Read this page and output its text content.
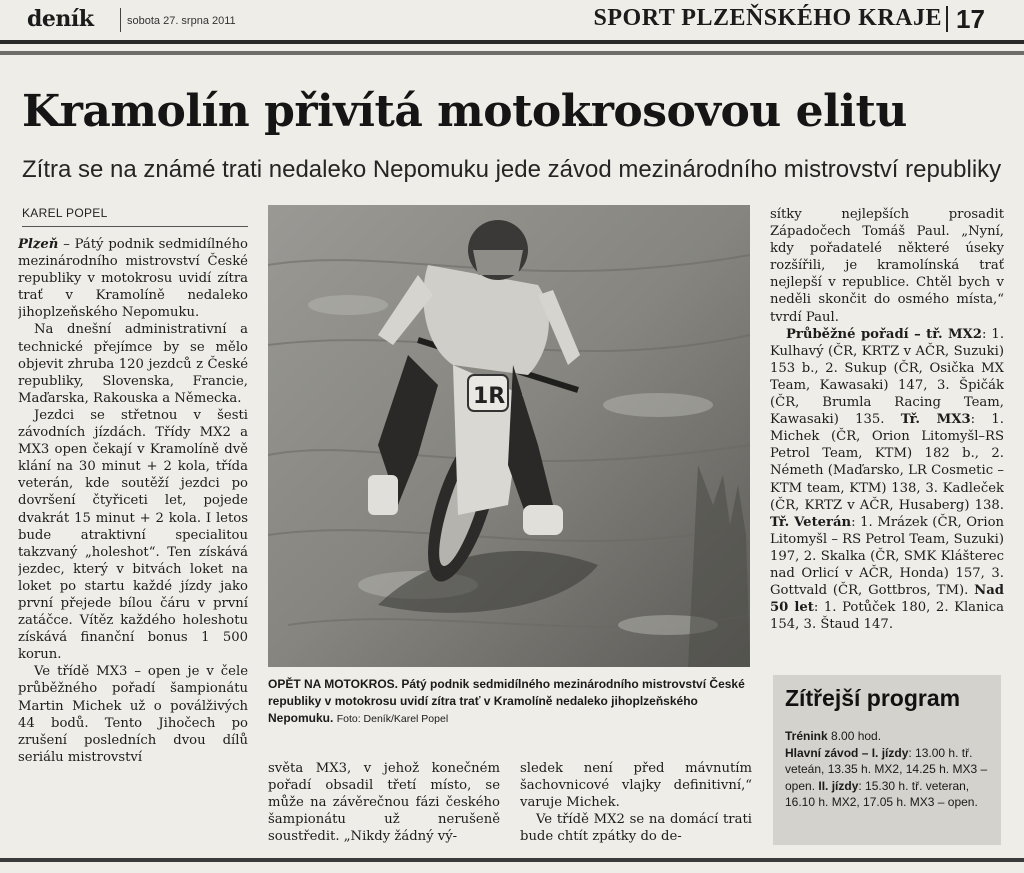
deník	sobota 27. srpna 2011	SPORT PLZEŇSKÉHO KRAJE 17
Kramolín přivítá motokrosovou elitu
Zítra se na známé trati nedaleko Nepomuku jede závod mezinárodního mistrovství republiky
KAREL POPEL

Plzeň – Pátý podnik sedmidílného mezinárodního mistrovství České republiky v motokrosu uvidí zítra trať v Kramolíně nedaleko jihoplzeňského Nepomuku.

Na dnešní administrativní a technické přejímce by se mělo objevit zhruba 120 jezdců z České republiky, Slovenska, Francie, Maďarska, Rakouska a Německa.

Jezdci se střetnou v šesti závodních jízdách. Třídy MX2 a MX3 open čekají v Kramolíně dvě klání na 30 minut + 2 kola, třída veterán, kde soutěží jezdci po dovršení čtyřiceti let, pojede dvakrát 15 minut + 2 kola. I letos bude atraktivní specialitou takzvaný „holeshot“. Ten získává jezdec, který v bitvách loket na loket po startu každé jízdy jako první přejede bílou čáru v první zatáčce. Vítěz každého holeshotu získává finanční bonus 1 500 korun.

Ve třídě MX3 – open je v čele průběžného pořadí šampionátu Martin Michek už o poválživých 44 bodů. Tento Jihočech po zrušení posledních dvou dílů seriálu mistrovství

1R
OPĚT NA MOTOKROS. Pátý podnik sedmidílného mezinárodního mistrovství České republiky v motokrosu uvidí zítra trať v Kramolíně nedaleko jihoplzeňského Nepomuku. Foto: Deník/Karel Popel

světa MX3, v jehož konečném pořadí obsadil třetí místo, se může na závěrečnou fázi českého šampionátu už nerušeně soustředit. „Nikdy žádný vý-

sledek není před mávnutím šachovnicové vlajky definitivní,“ varuje Michek.

Ve třídě MX2 se na domácí trati bude chtít zpátky do de-

sítky nejlepších prosadit Západočech Tomáš Paul. „Nyní, kdy pořadatelé některé úseky rozšířili, je kramolínská trať nejlepší v republice. Chtěl bych v neděli skončit do osmého místa,“ tvrdí Paul.

Průběžné pořadí – tř. MX2: 1. Kulhavý (ČR, KRTZ v AČR, Suzuki) 153 b., 2. Sukup (ČR, Osička MX Team, Kawasaki) 147, 3. Špičák (ČR, Brumla Racing Team, Kawasaki) 135. Tř. MX3: 1. Michek (ČR, Orion Litomyšl–RS Petrol Team, KTM) 182 b., 2. Németh (Maďarsko, LR Cosmetic – KTM team, KTM) 138, 3. Kadleček (ČR, KRTZ v AČR, Husaberg) 138. Tř. Veterán: 1. Mrázek (ČR, Orion Litomyšl – RS Petrol Team, Suzuki) 197, 2. Skalka (ČR, SMK Klášterec nad Orlicí v AČR, Honda) 157, 3. Gottvald (ČR, Gottbros, TM). Nad 50 let: 1. Potůček 180, 2. Klanica 154, 3. Štaud 147.

Zítřejší program
Trénink 8.00 hod.
Hlavní závod – I. jízdy: 13.00 h. tř. veteán, 13.35 h. MX2, 14.25 h. MX3 – open. II. jízdy: 15.30 h. tř. veteran, 16.10 h. MX2, 17.05 h. MX3 – open.
